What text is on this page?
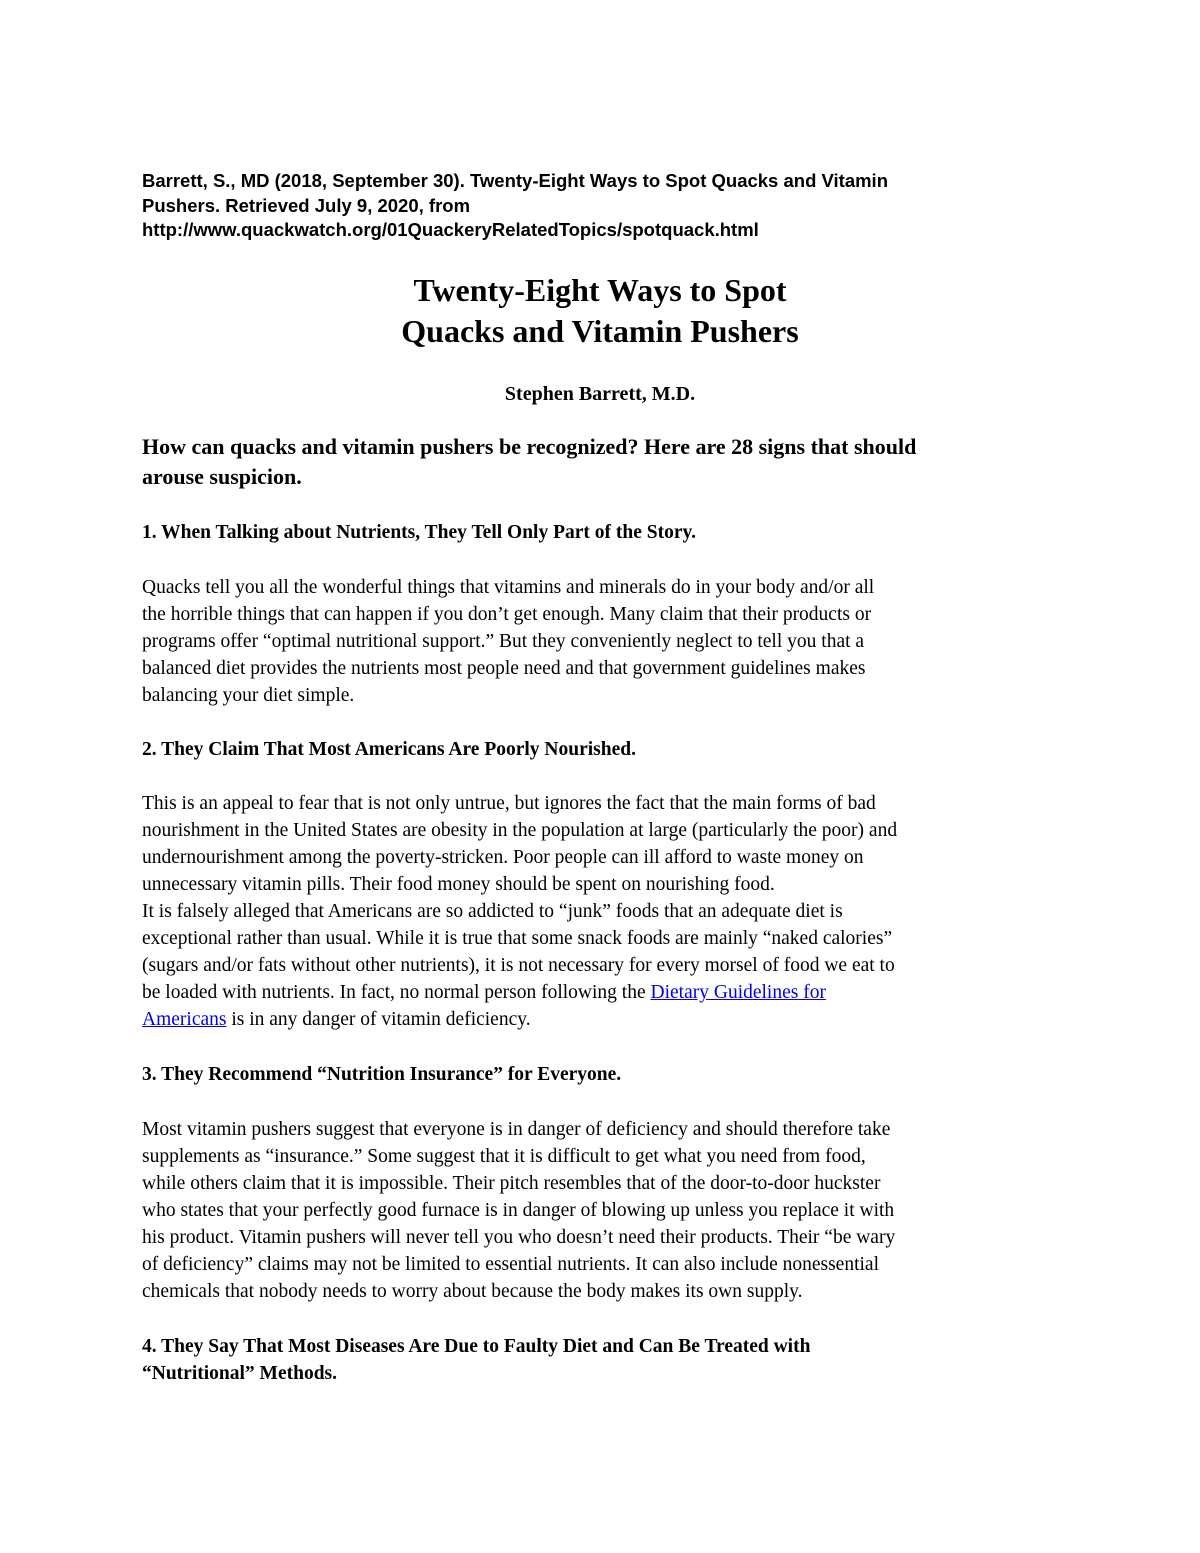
Barrett, S., MD (2018, September 30). Twenty-Eight Ways to Spot Quacks and Vitamin
Pushers. Retrieved July 9, 2020, from
http://www.quackwatch.org/01QuackeryRelatedTopics/spotquack.html
Twenty-Eight Ways to Spot
Quacks and Vitamin Pushers

Stephen Barrett, M.D.

How can quacks and vitamin pushers be recognized? Here are 28 signs that should
arouse suspicion.

1. When Talking about Nutrients, They Tell Only Part of the Story.

Quacks tell you all the wonderful things that vitamins and minerals do in your body and/or all
the horrible things that can happen if you don’t get enough. Many claim that their products or
programs offer “optimal nutritional support.” But they conveniently neglect to tell you that a
balanced diet provides the nutrients most people need and that government guidelines makes
balancing your diet simple.

2. They Claim That Most Americans Are Poorly Nourished.

This is an appeal to fear that is not only untrue, but ignores the fact that the main forms of bad
nourishment in the United States are obesity in the population at large (particularly the poor) and
undernourishment among the poverty-stricken. Poor people can ill afford to waste money on
unnecessary vitamin pills. Their food money should be spent on nourishing food.
It is falsely alleged that Americans are so addicted to “junk” foods that an adequate diet is
exceptional rather than usual. While it is true that some snack foods are mainly “naked calories”
(sugars and/or fats without other nutrients), it is not necessary for every morsel of food we eat to
be loaded with nutrients. In fact, no normal person following the Dietary Guidelines for
Americans is in any danger of vitamin deficiency.

3. They Recommend “Nutrition Insurance” for Everyone.

Most vitamin pushers suggest that everyone is in danger of deficiency and should therefore take
supplements as “insurance.” Some suggest that it is difficult to get what you need from food,
while others claim that it is impossible. Their pitch resembles that of the door-to-door huckster
who states that your perfectly good furnace is in danger of blowing up unless you replace it with
his product. Vitamin pushers will never tell you who doesn’t need their products. Their “be wary
of deficiency” claims may not be limited to essential nutrients. It can also include nonessential
chemicals that nobody needs to worry about because the body makes its own supply.

4. They Say That Most Diseases Are Due to Faulty Diet and Can Be Treated with
“Nutritional” Methods.
